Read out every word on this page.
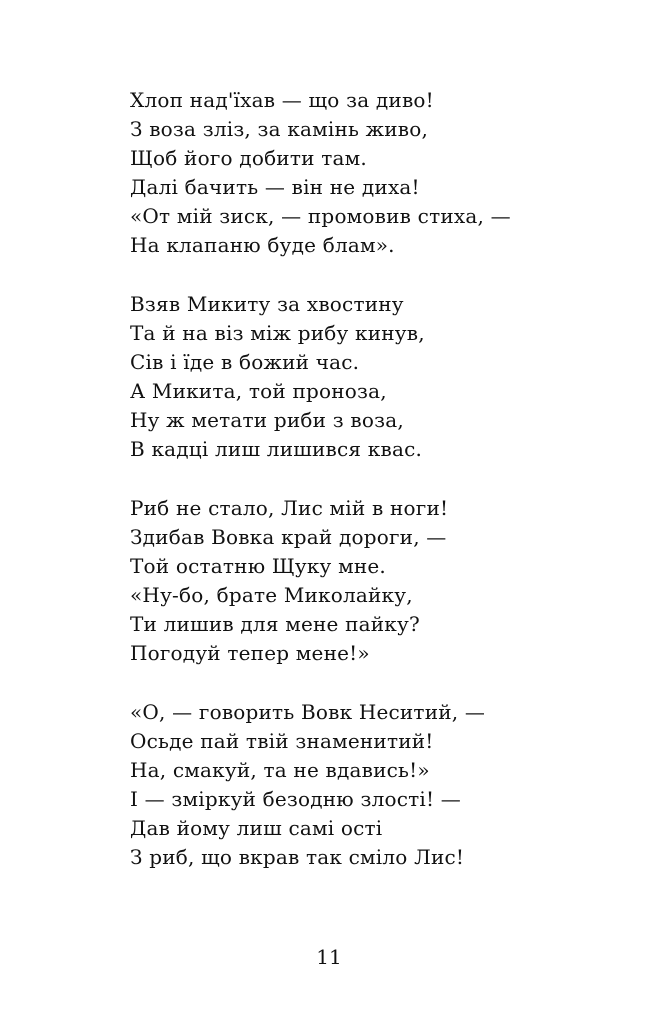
Хлоп над'їхав — що за диво!
З воза зліз, за камінь живо,
Щоб його добити там.
Далі бачить — він не диха!
«От мій зиск, — промовив стиха, —
На клапаню буде блам».
Взяв Микиту за хвостину
Та й на віз між рибу кинув,
Сів і їде в божий час.
А Микита, той проноза,
Ну ж метати риби з воза,
В кадці лиш лишився квас.
Риб не стало, Лис мій в ноги!
Здибав Вовка край дороги, —
Той остатню Щуку мне.
«Ну-бо, брате Миколайку,
Ти лишив для мене пайку?
Погодуй тепер мене!»
«О, — говорить Вовк Неситий, —
Осьде пай твій знаменитий!
На, смакуй, та не вдавись!»
І — зміркуй безодню злості! —
Дав йому лиш самі ості
З риб, що вкрав так сміло Лис!
11
